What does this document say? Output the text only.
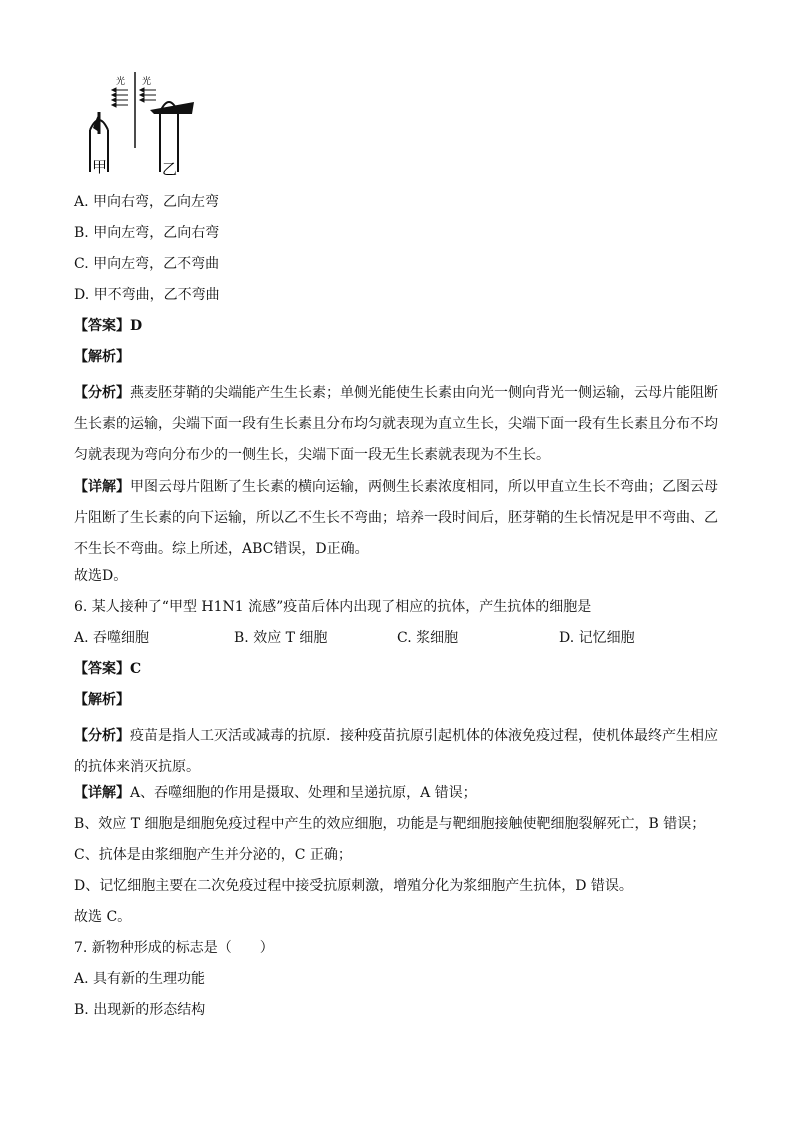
光 光
甲	乙
A. 甲向右弯，乙向左弯
B. 甲向左弯，乙向右弯
C. 甲向左弯，乙不弯曲
D. 甲不弯曲，乙不弯曲
【答案】D
【解析】
【分析】燕麦胚芽鞘的尖端能产生生长素；单侧光能使生长素由向光一侧向背光一侧运输，云母片能阻断生长素的运输，尖端下面一段有生长素且分布均匀就表现为直立生长，尖端下面一段有生长素且分布不均匀就表现为弯向分布少的一侧生长，尖端下面一段无生长素就表现为不生长。
【详解】甲图云母片阻断了生长素的横向运输，两侧生长素浓度相同，所以甲直立生长不弯曲；乙图云母片阻断了生长素的向下运输，所以乙不生长不弯曲；培养一段时间后，胚芽鞘的生长情况是甲不弯曲、乙不生长不弯曲。综上所述，ABC错误，D正确。
故选D。
6. 某人接种了“甲型 H1N1 流感”疫苗后体内出现了相应的抗体，产生抗体的细胞是
A. 吞噬细胞	B. 效应 T 细胞	C. 浆细胞	D. 记忆细胞
【答案】C
【解析】
【分析】疫苗是指人工灭活或减毒的抗原．接种疫苗抗原引起机体的体液免疫过程，使机体最终产生相应的抗体来消灭抗原。
【详解】A、吞噬细胞的作用是摄取、处理和呈递抗原，A 错误；
B、效应 T 细胞是细胞免疫过程中产生的效应细胞，功能是与靶细胞接触使靶细胞裂解死亡，B 错误；
C、抗体是由浆细胞产生并分泌的，C 正确；
D、记忆细胞主要在二次免疫过程中接受抗原刺激，增殖分化为浆细胞产生抗体，D 错误。
故选 C。
7. 新物种形成的标志是（　　）
A. 具有新的生理功能
B. 出现新的形态结构
